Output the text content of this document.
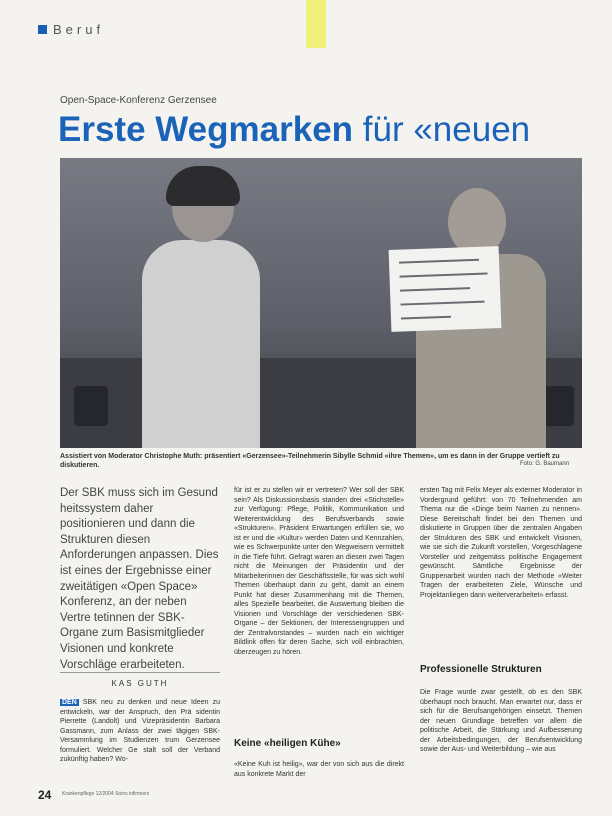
Beruf
Open-Space-Konferenz Gerzensee
Erste Wegmarken für «neuen
Assistiert von Moderator Christophe Muth: präsentiert «Gerzensee»-Teilnehmerin Sibylle Schmid «ihre Themen», um es dann in der Gruppe vertieft zu diskutieren.	Foto: G. Baumann
Der SBK muss sich im Gesund heitssystem daher positionieren und dann die Strukturen diesen Anforderungen anpassen. Dies ist eines der Ergebnisse einer zweitätigen «Open Space» Konferenz, an der neben Vertre tetinnen der SBK-Organe zum Basismitglieder Visionen und konkrete Vorschläge erarbeiteten.
KAS GUTH
DEN SBK neu zu denken und neue Ideen zu entwickeln, war der Anspruch, den Prä sidentin Pierrette (Landolt) und Vizepräsidentin Barbara Gassmann, zum Anlass der zwei tägigen SBK-Versammlung im Studienzen trum Gerzensee formuliert. Welcher Ge stalt soll der Verband zukünftig haben? Wo-
für ist er zu stellen wir er vertreten? Wer soll der SBK sein? Als Diskussionsbasis standen drei «Stichstelle» zur Verfügung: Pflege, Politik, Kommunikation und Weiterentwicklung des Berufsverbands sowie «Strukturen». Präsident Erwartungen erfüllen sie, wo ist er und die «Kultur» werden Daten und Kennzahlen, wie es Schwerpunkte unter den Wegweisern vermittelt in die Tiefe führt. Gefragt waren an diesen zwei Tagen nicht die Meinungen der Präsidentin und der Mitarbeiterinnen der Geschäftsstelle, für was sich wohl Themen überhaupt darin zu geht, damit an einem Punkt hat dieser Zusammenhang mit die Themen, alles Spezielle bearbeitet, die Auswertung bleiben die Visionen und Vorschläge der verschiedenen SBK-Organe – der Sektionen, der Interessengruppen und der Zentralvorstandes – wurden nach ein wichtiger Bildlink offen für deren Sache, sich voll einbrachten, überzeugen zu hören.
Keine «heiligen Kühe»
«Keine Kuh ist heilig», war der von sich aus die direkt aus konkrete Markt der
ersten Tag mit Felix Meyer als externer Moderator in Vordergrund geführt: von 70 Teilnehmenden am Thema nur die «Dinge beim Namen zu nennen». Diese Bereitschaft findet bei den Themen und diskutierte in Gruppen über die zentralen Angaben der Strukturen des SBK und entwickelt Visionen, wie sie sich die Zukunft vorstellen, Vorgeschlagene Vorsteller und zeitgemäss politische Engagement gewünscht. Sämtliche Ergebnisse der Gruppenarbeit wurden nach der Methode «Weiter Tragen der erarbeiteten Ziele, Wünsche und Projektanliegen dann weiterverarbeitet» erfasst.
Professionelle Strukturen
Die Frage wurde zwar gestellt, ob es den SBK überhaupt noch braucht. Man erwartet nur, dass er sich für die Berufsangehörigen einsetzt. Themen der neuen Grundlage betreffen vor allem die politische Arbeit, die Stärkung und Aufbesserung der Arbeitsbedingungen, der Berufsentwicklung sowie der Aus- und Weiterbildung – wie aus
24 Krankenpflege 12/2004 Soins infirmiers
